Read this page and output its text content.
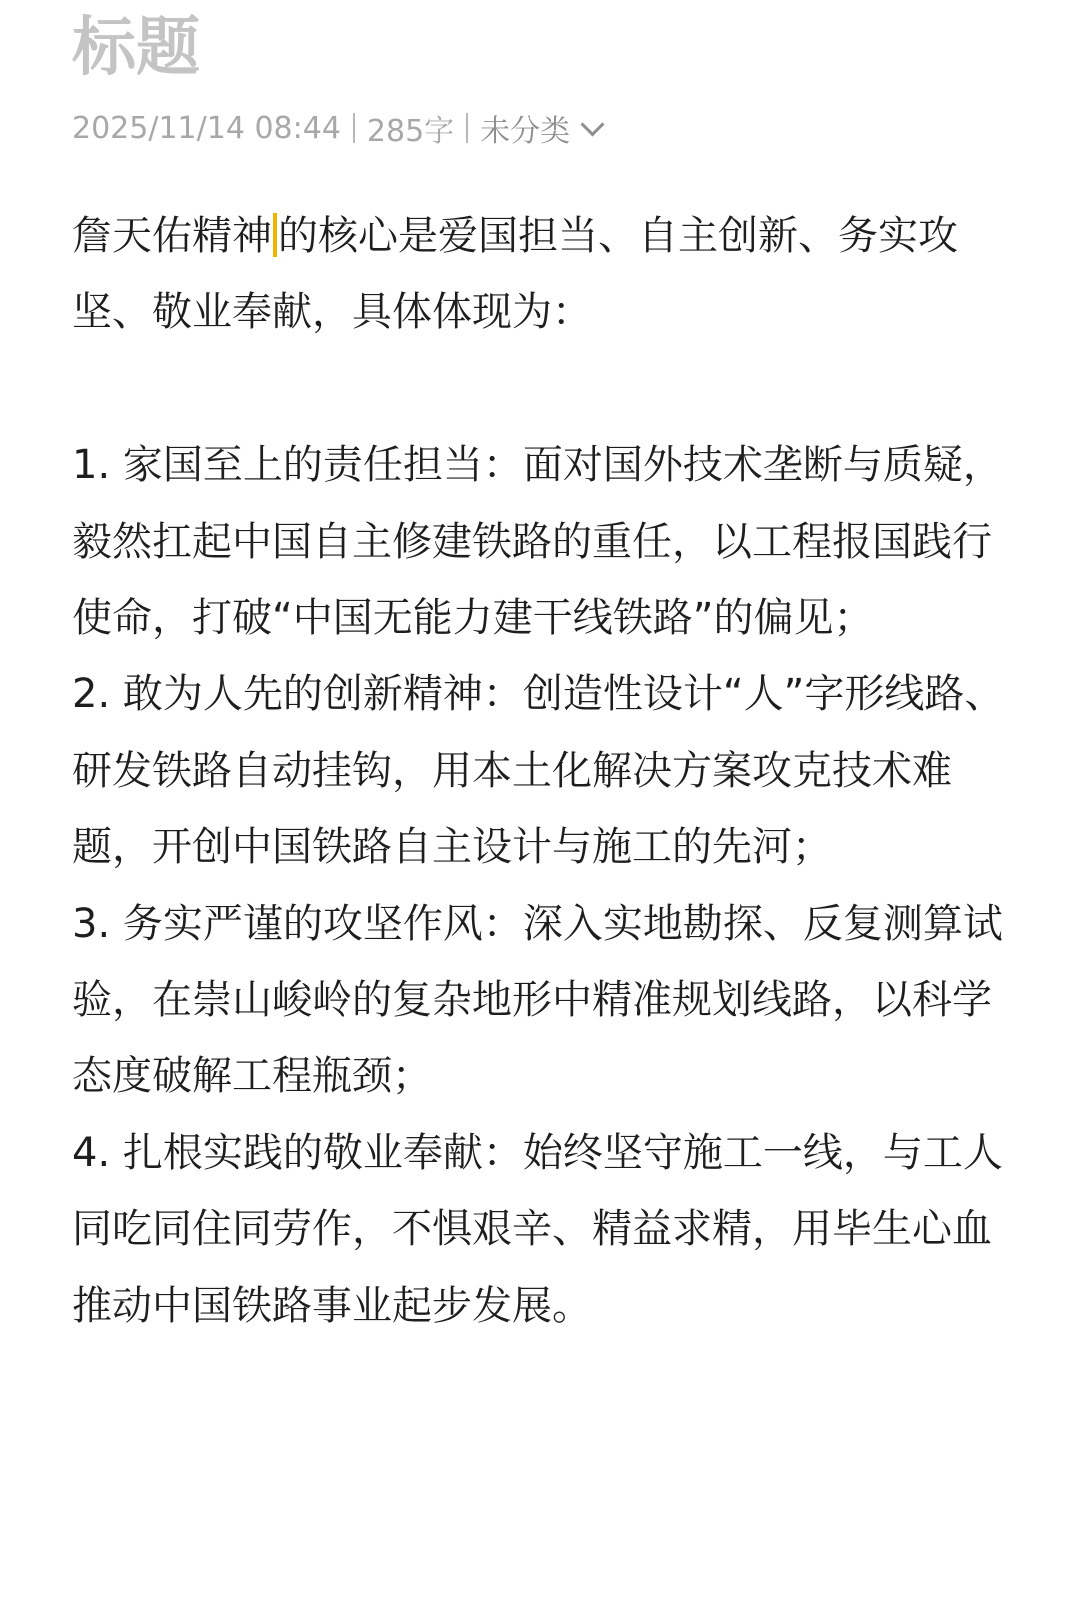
标题
2025/11/14 08:44 285字 未分类
詹天佑精神 的核心是爱国担当、自主创新、务实攻坚、敬业奉献，具体体现为：

1. 家国至上的责任担当：面对国外技术垄断与质疑，毅然扛起中国自主修建铁路的重任，以工程报国践行使命，打破“中国无能力建干线铁路”的偏见；
2. 敢为人先的创新精神：创造性设计“人”字形线路、研发铁路自动挂钩，用本土化解决方案攻克技术难题，开创中国铁路自主设计与施工的先河；
3. 务实严谨的攻坚作风：深入实地勘探、反复测算试验，在崇山峻岭的复杂地形中精准规划线路，以科学态度破解工程瓶颈；
4. 扎根实践的敬业奉献：始终坚守施工一线，与工人同吃同住同劳作，不惧艰辛、精益求精，用毕生心血推动中国铁路事业起步发展。
